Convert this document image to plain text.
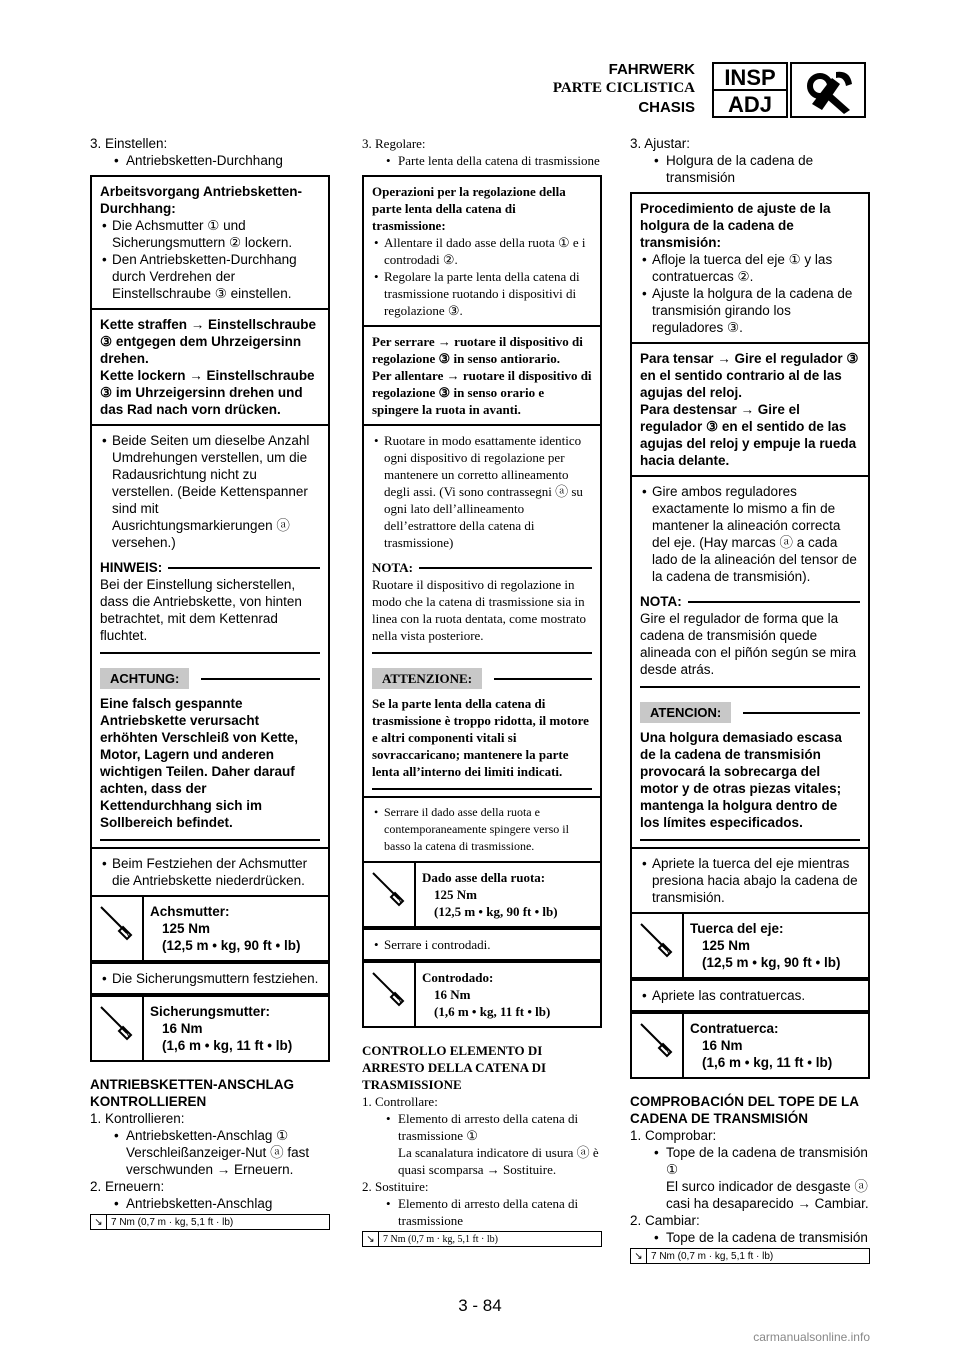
FAHRWERK
PARTE CICLISTICA
CHASIS
INSP
ADJ

3. Einstellen:

• Antriebsketten-Durchhang

Arbeitsvorgang Antriebsketten-Durchhang:

• Die Achsmutter ① und Sicherungsmuttern ② lockern.

• Den Antriebsketten-Durchhang durch Verdrehen der Einstellschraube ③ einstellen.

Kette straffen → Einstellschraube ③ entgegen dem Uhrzeigersinn drehen.

Kette lockern → Einstellschraube ③ im Uhrzeigersinn drehen und das Rad nach vorn drücken.

• Beide Seiten um dieselbe Anzahl Umdrehungen verstellen, um die Radausrichtung nicht zu verstellen. (Beide Kettenspanner sind mit Ausrichtungsmarkierungen ⓐ versehen.)

HINWEIS:

Bei der Einstellung sicherstellen, dass die Antriebskette, von hinten betrachtet, mit dem Kettenrad fluchtet.

ACHTUNG:

Eine falsch gespannte Antriebskette verursacht erhöhten Verschleiß von Kette, Motor, Lagern und anderen wichtigen Teilen. Daher darauf achten, dass der Kettendurchhang sich im Sollbereich befindet.

• Beim Festziehen der Achsmutter die Antriebskette niederdrücken.

Achsmutter:
125 Nm
(12,5 m • kg, 90 ft • lb)

• Die Sicherungsmuttern festziehen.

Sicherungsmutter:
16 Nm
(1,6 m • kg, 11 ft • lb)

ANTRIEBSKETTEN-ANSCHLAG KONTROLLIEREN

1. Kontrollieren:

• Antriebsketten-Anschlag ①

Verschleißanzeiger-Nut ⓐ fast verschwunden → Erneuern.

2. Erneuern:

• Antriebsketten-Anschlag

↘ 7 Nm (0,7 m · kg, 5,1 ft · lb)

3. Regolare:

• Parte lenta della catena di trasmissione

Operazioni per la regolazione della parte lenta della catena di trasmissione:

• Allentare il dado asse della ruota ① e i controdadi ②.

• Regolare la parte lenta della catena di trasmissione ruotando i dispositivi di regolazione ③.

Per serrare → ruotare il dispositivo di regolazione ③ in senso antiorario.

Per allentare → ruotare il dispositivo di regolazione ③ in senso orario e spingere la ruota in avanti.

• Ruotare in modo esattamente identico ogni dispositivo di regolazione per mantenere un corretto allineamento degli assi. (Vi sono contrassegni ⓐ su ogni lato dell’allineamento dell’estrattore della catena di trasmissione)

NOTA:

Ruotare il dispositivo di regolazione in modo che la catena di trasmissione sia in linea con la ruota dentata, come mostrato nella vista posteriore.

ATTENZIONE:

Se la parte lenta della catena di trasmissione è troppo ridotta, il motore e altri componenti vitali si sovraccaricano; mantenere la parte lenta all’interno dei limiti indicati.

• Serrare il dado asse della ruota e contemporaneamente spingere verso il basso la catena di trasmissione.

Dado asse della ruota:
125 Nm
(12,5 m • kg, 90 ft • lb)

• Serrare i controdadi.

Controdado:
16 Nm
(1,6 m • kg, 11 ft • lb)

CONTROLLO ELEMENTO DI ARRESTO DELLA CATENA DI TRASMISSIONE

1. Controllare:

• Elemento di arresto della catena di trasmissione ①

La scanalatura indicatore di usura ⓐ è quasi scomparsa → Sostituire.

2. Sostituire:

• Elemento di arresto della catena di trasmissione

↘ 7 Nm (0,7 m · kg, 5,1 ft · lb)

3. Ajustar:

• Holgura de la cadena de transmisión

Procedimiento de ajuste de la holgura de la cadena de transmisión:

• Afloje la tuerca del eje ① y las contratuercas ②.

• Ajuste la holgura de la cadena de transmisión girando los reguladores ③.

Para tensar → Gire el regulador ③ en el sentido contrario al de las agujas del reloj.

Para destensar → Gire el regulador ③ en el sentido de las agujas del reloj y empuje la rueda hacia delante.

• Gire ambos reguladores exactamente lo mismo a fin de mantener la alineación correcta del eje. (Hay marcas ⓐ a cada lado de la alineación del tensor de la cadena de transmisión).

NOTA:

Gire el regulador de forma que la cadena de transmisión quede alineada con el piñón según se mira desde atrás.

ATENCION:

Una holgura demasiado escasa de la cadena de transmisión provocará la sobrecarga del motor y de otras piezas vitales; mantenga la holgura dentro de los límites especificados.

• Apriete la tuerca del eje mientras presiona hacia abajo la cadena de transmisión.

Tuerca del eje:
125 Nm
(12,5 m • kg, 90 ft • lb)

• Apriete las contratuercas.

Contratuerca:
16 Nm
(1,6 m • kg, 11 ft • lb)

COMPROBACIÓN DEL TOPE DE LA CADENA DE TRANSMISIÓN

1. Comprobar:

• Tope de la cadena de transmisión ①

El surco indicador de desgaste ⓐ casi ha desaparecido → Cambiar.

2. Cambiar:

• Tope de la cadena de transmisión

↘ 7 Nm (0,7 m · kg, 5,1 ft · lb)
3 - 84
carmanualsonline.info
